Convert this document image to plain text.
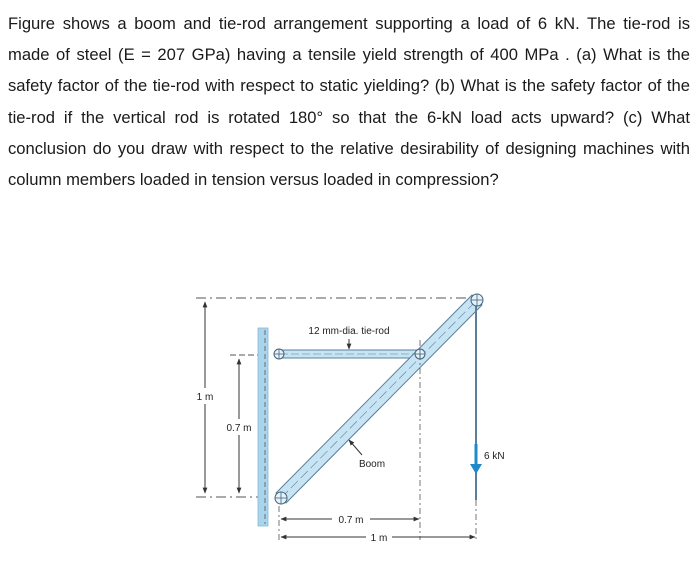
Figure shows a boom and tie-rod arrangement supporting a load of 6 kN. The tie-rod is made of steel (E = 207 GPa) having a tensile yield strength of 400 MPa . (a) What is the safety factor of the tie-rod with respect to static yielding? (b) What is the safety factor of the tie-rod if the vertical rod is rotated 180° so that the 6-kN load acts upward? (c) What conclusion do you draw with respect to the relative desirability of designing machines with column members loaded in tension versus loaded in compression?
1 m
0.7 m
12 mm-dia. tie-rod
Boom
6 kN
0.7 m
1 m
